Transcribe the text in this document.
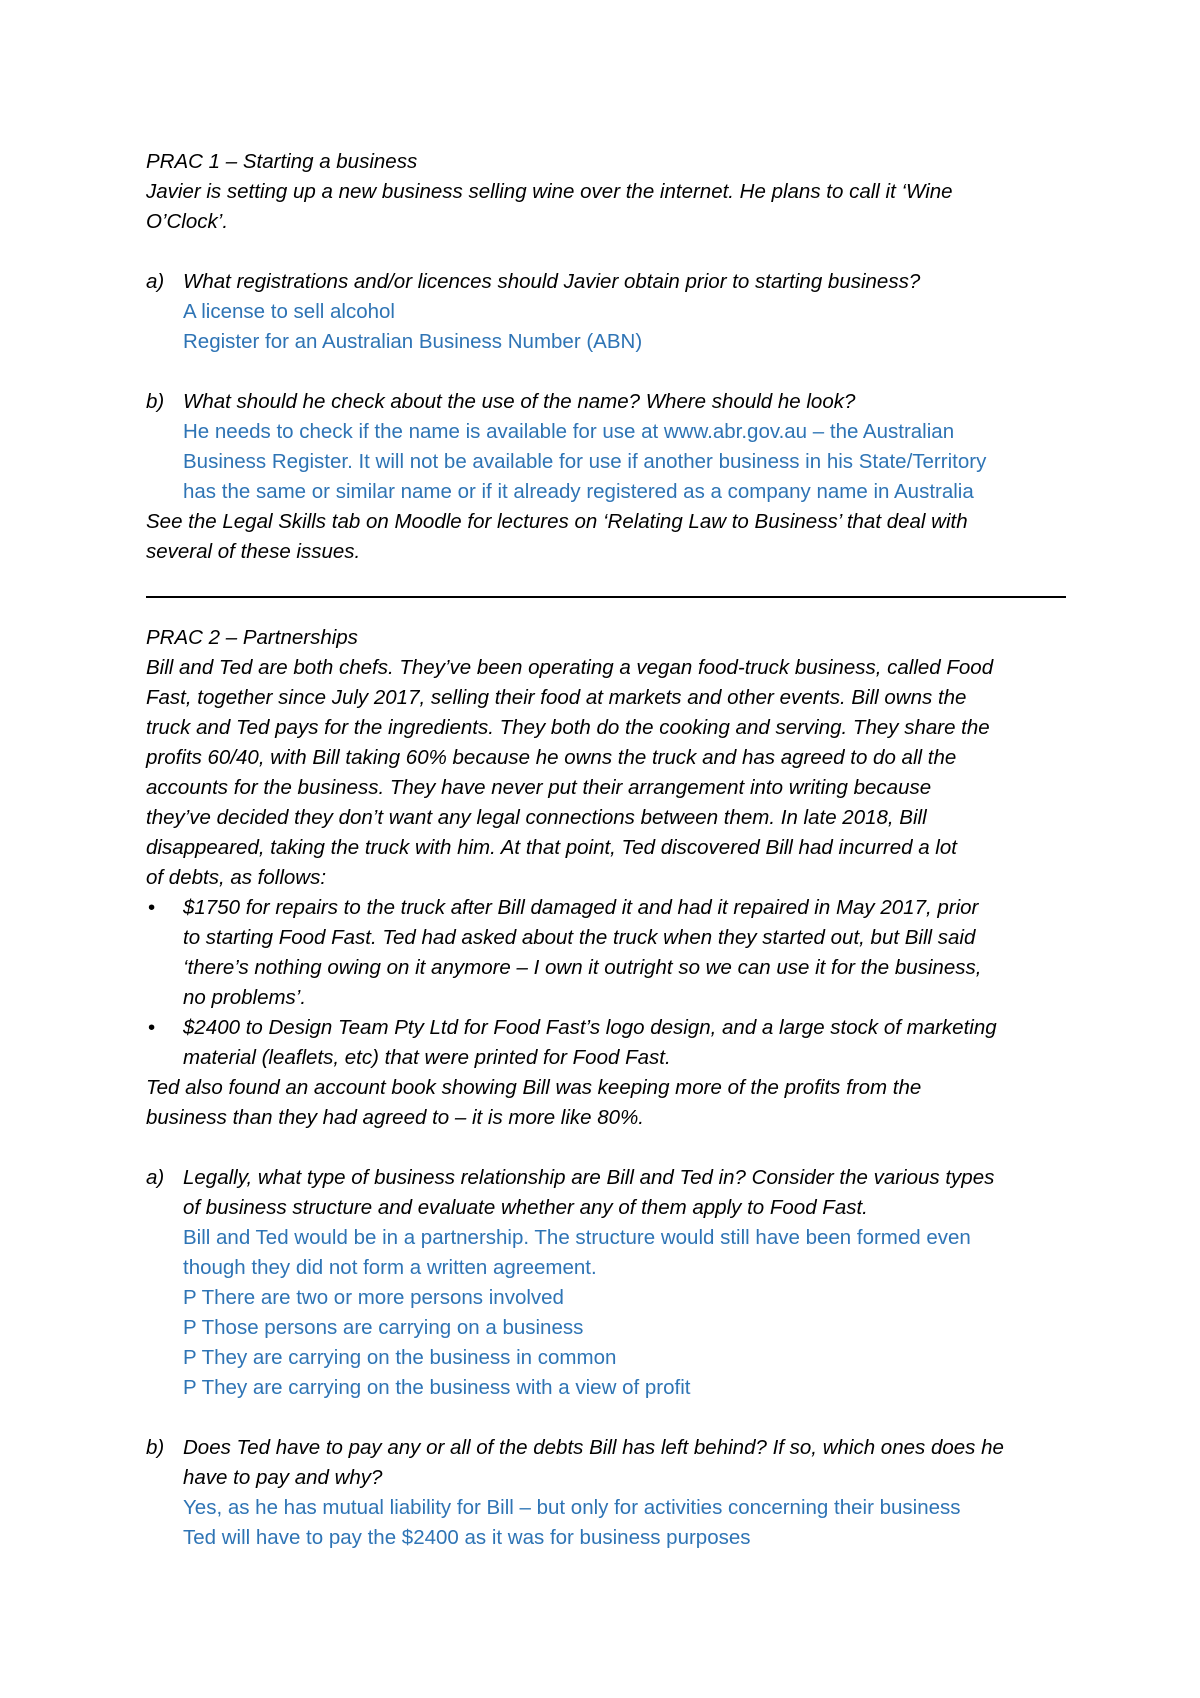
PRAC 1 – Starting a business

Javier is setting up a new business selling wine over the internet. He plans to call it ‘Wine

O’Clock’.

a) What registrations and/or licences should Javier obtain prior to starting business?

A license to sell alcohol

Register for an Australian Business Number (ABN)

b) What should he check about the use of the name? Where should he look?

He needs to check if the name is available for use at www.abr.gov.au – the Australian

Business Register. It will not be available for use if another business in his State/Territory

has the same or similar name or if it already registered as a company name in Australia

See the Legal Skills tab on Moodle for lectures on ‘Relating Law to Business’ that deal with

several of these issues.

PRAC 2 – Partnerships

Bill and Ted are both chefs. They’ve been operating a vegan food-truck business, called Food

Fast, together since July 2017, selling their food at markets and other events. Bill owns the

truck and Ted pays for the ingredients. They both do the cooking and serving. They share the

profits 60/40, with Bill taking 60% because he owns the truck and has agreed to do all the

accounts for the business. They have never put their arrangement into writing because

they’ve decided they don’t want any legal connections between them. In late 2018, Bill

disappeared, taking the truck with him. At that point, Ted discovered Bill had incurred a lot

of debts, as follows:

• $1750 for repairs to the truck after Bill damaged it and had it repaired in May 2017, prior

to starting Food Fast. Ted had asked about the truck when they started out, but Bill said

‘there’s nothing owing on it anymore – I own it outright so we can use it for the business,

no problems’.

• $2400 to Design Team Pty Ltd for Food Fast’s logo design, and a large stock of marketing

material (leaflets, etc) that were printed for Food Fast.

Ted also found an account book showing Bill was keeping more of the profits from the

business than they had agreed to – it is more like 80%.

a) Legally, what type of business relationship are Bill and Ted in? Consider the various types

of business structure and evaluate whether any of them apply to Food Fast.

Bill and Ted would be in a partnership. The structure would still have been formed even

though they did not form a written agreement.

P There are two or more persons involved

P Those persons are carrying on a business

P They are carrying on the business in common

P They are carrying on the business with a view of profit

b) Does Ted have to pay any or all of the debts Bill has left behind? If so, which ones does he

have to pay and why?

Yes, as he has mutual liability for Bill – but only for activities concerning their business

Ted will have to pay the $2400 as it was for business purposes
